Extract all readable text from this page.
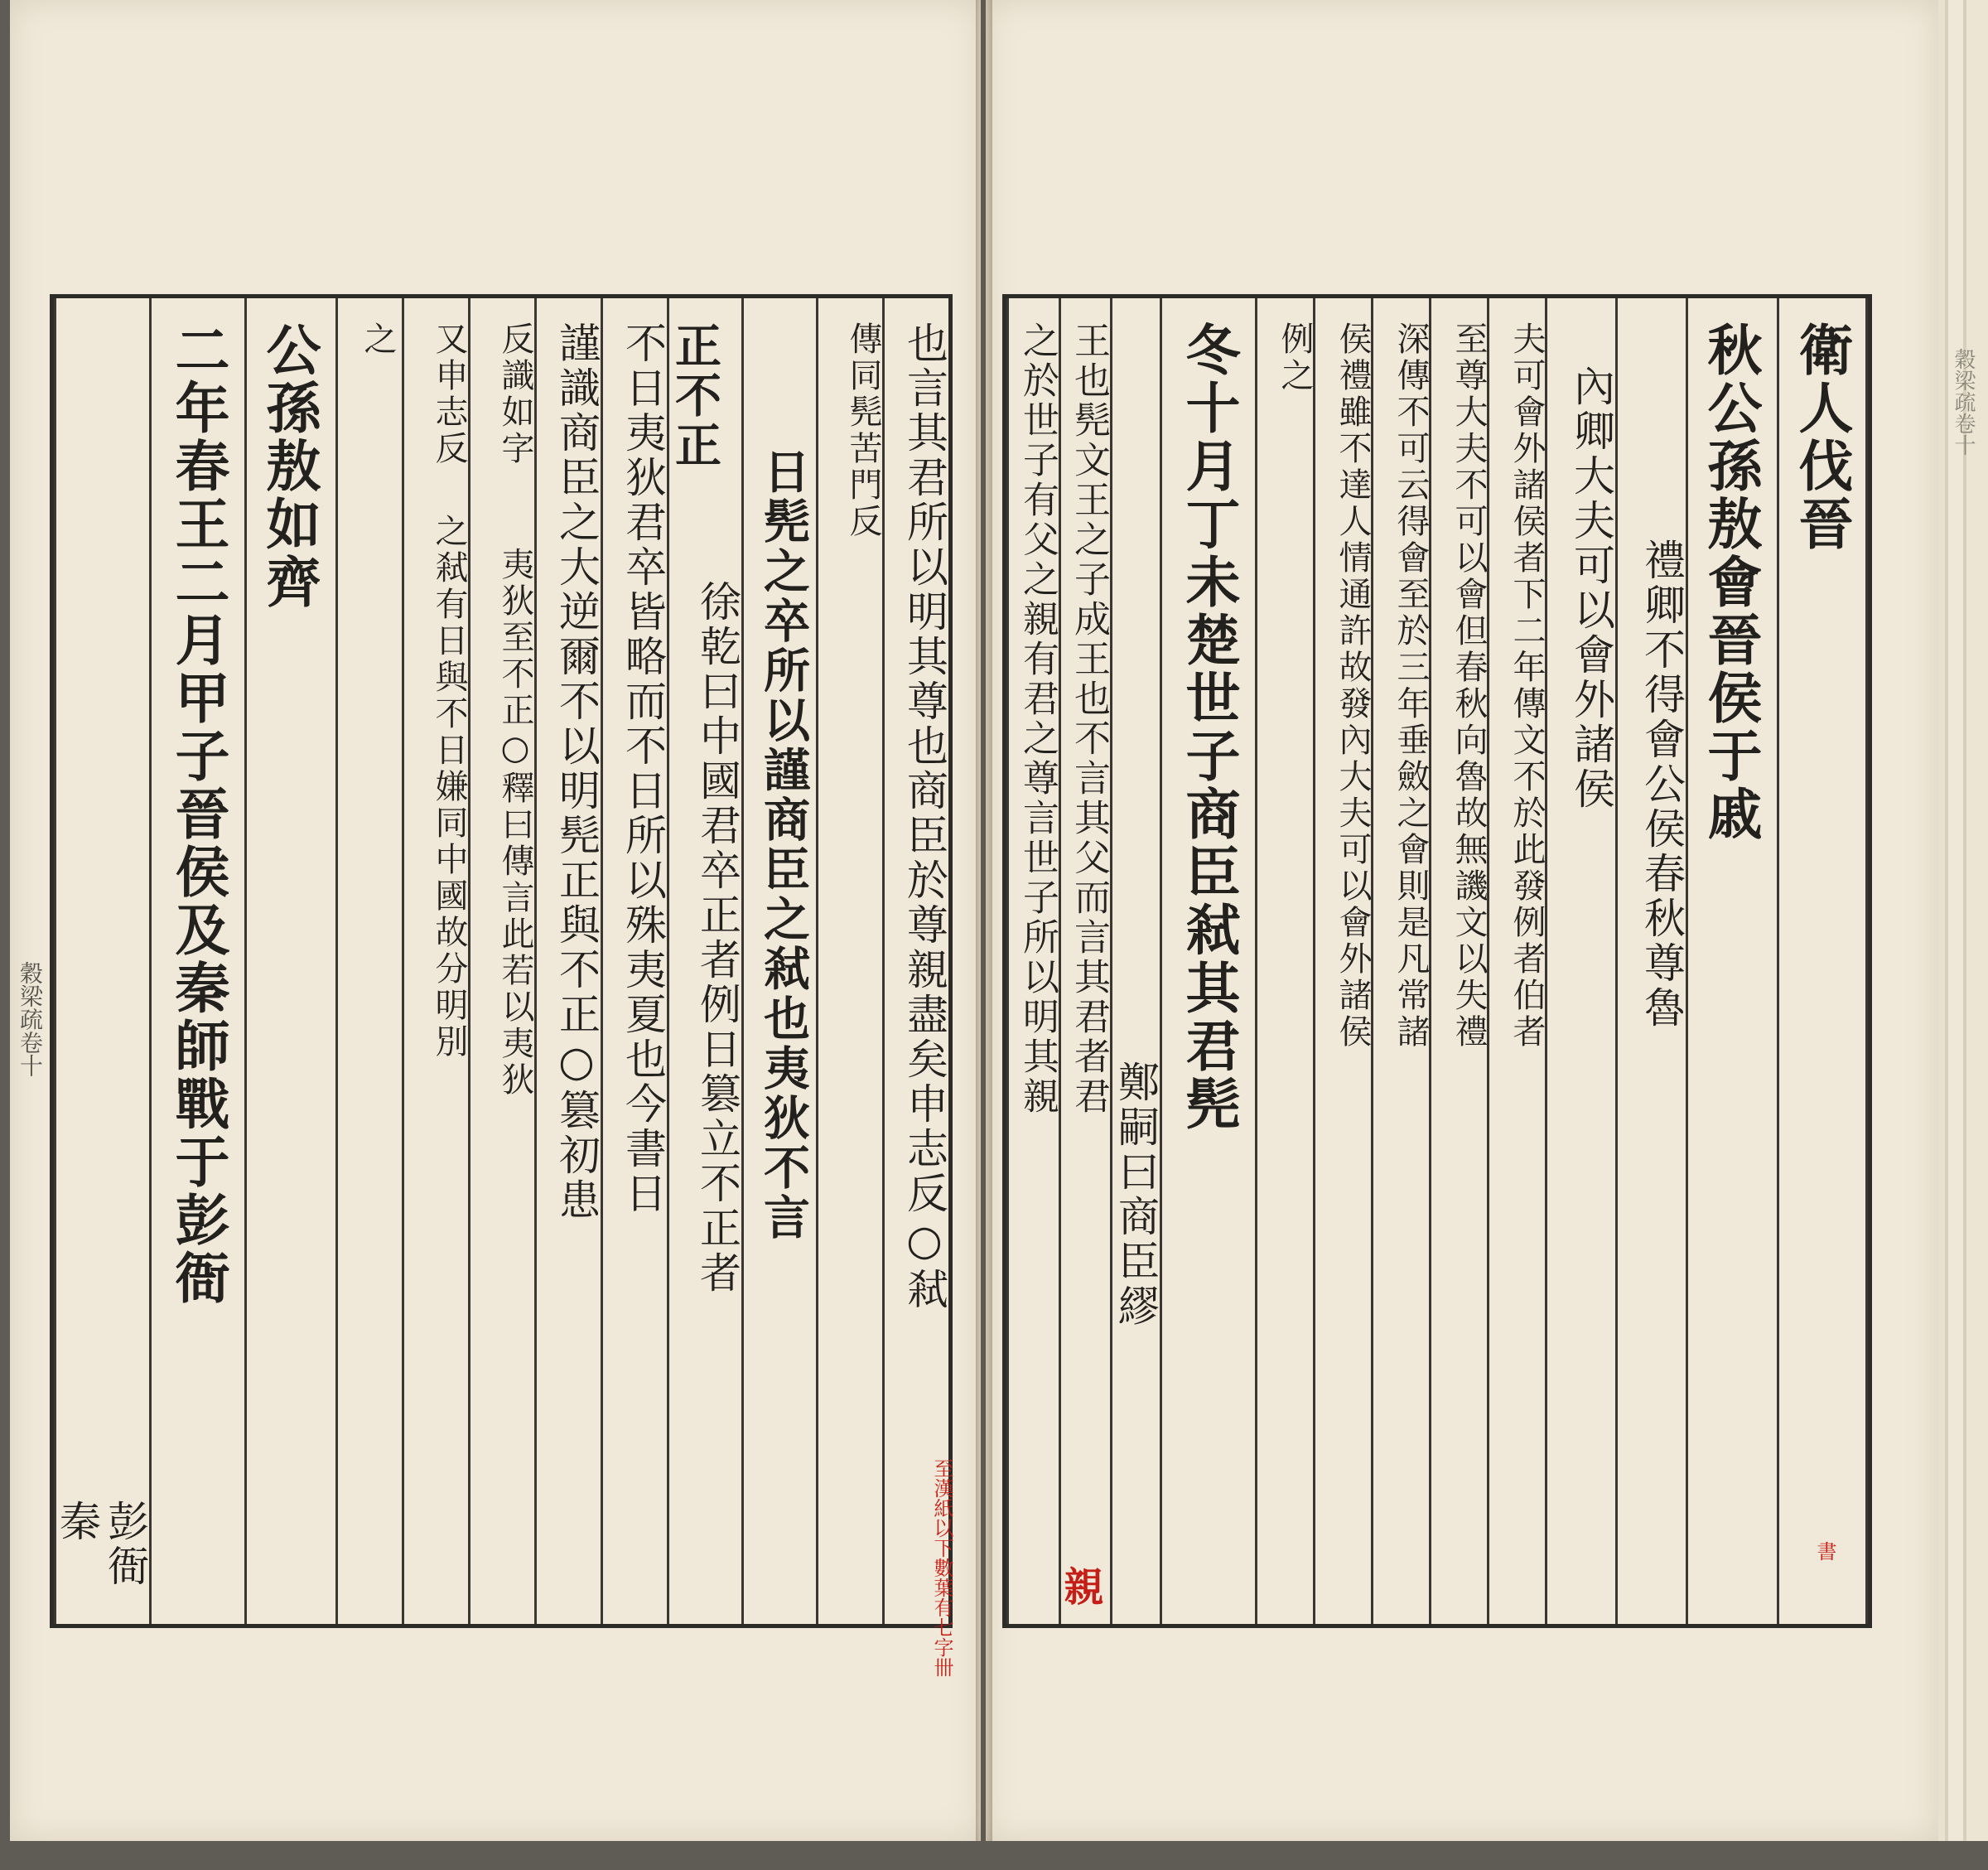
衛人伐晉
秋公孫敖會晉侯于戚
禮卿不得會公侯春秋尊魯
內卿大夫可以會外諸侯
夫可會外諸侯者下二年傳文不於此發例者伯者
至尊大夫不可以會但春秋向魯故無譏文以失禮
深傳不可云得會至於三年垂斂之會則是凡常諸
侯禮雖不達人情通許故發內大夫可以會外諸侯
例之
冬十月丁未楚世子商臣弒其君髡
鄭嗣曰商臣繆
王也髡文王之子成王也不言其父而言其君者君
之於世子有父之親有君之尊言世子所以明其親
書
親
穀梁疏卷十
也言其君所以明其尊也商臣於尊親盡矣申志反○弒
傳同髡苦門反
日髡之卒所以謹商臣之弒也夷狄不言
正不正
徐乾曰中國君卒正者例日篡立不正者
不日夷狄君卒皆略而不日所以殊夷夏也今書日
謹識商臣之大逆爾不以明髡正與不正○篡初患
反識如字
夷狄至不正○釋曰傳言此若以夷狄
又申志反
之弒有日與不日嫌同中國故分明別
之
公孫敖如齊
二年春王二月甲子晉侯及秦師戰于彭衙
彭衙秦
穀梁疏卷十
至漢紙以下數葉有七字卌
